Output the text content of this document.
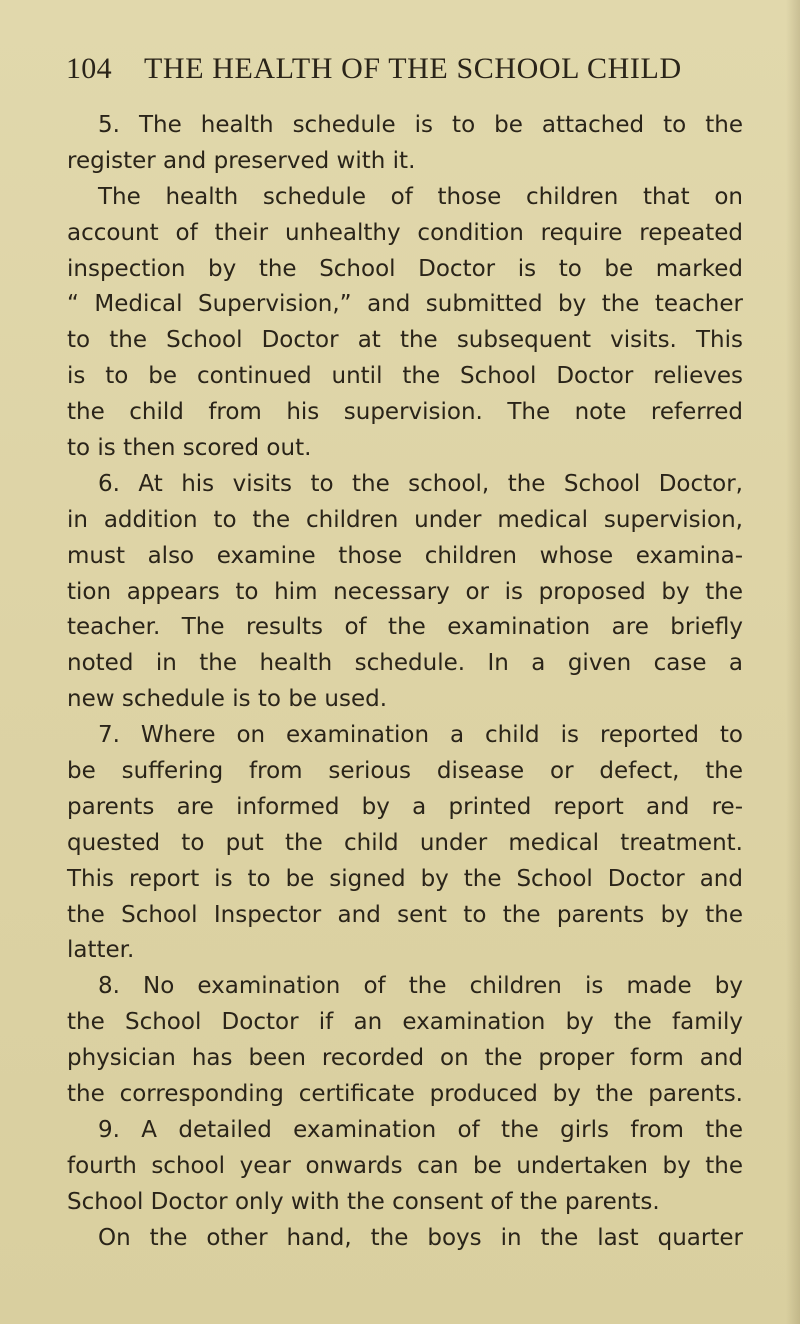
104 THE HEALTH OF THE SCHOOL CHILD
5. The health schedule is to be attached to the
register and preserved with it.
The health schedule of those children that on
account of their unhealthy condition require repeated
inspection by the School Doctor is to be marked
“ Medical Supervision,” and submitted by the teacher
to the School Doctor at the subsequent visits. This
is to be continued until the School Doctor relieves
the child from his supervision. The note referred
to is then scored out.
6. At his visits to the school, the School Doctor,
in addition to the children under medical supervision,
must also examine those children whose examina-
tion appears to him necessary or is proposed by the
teacher. The results of the examination are briefly
noted in the health schedule. In a given case a
new schedule is to be used.
7. Where on examination a child is reported to
be suffering from serious disease or defect, the
parents are informed by a printed report and re-
quested to put the child under medical treatment.
This report is to be signed by the School Doctor and
the School Inspector and sent to the parents by the
latter.
8. No examination of the children is made by
the School Doctor if an examination by the family
physician has been recorded on the proper form and
the corresponding certificate produced by the parents.
9. A detailed examination of the girls from the
fourth school year onwards can be undertaken by the
School Doctor only with the consent of the parents.
On the other hand, the boys in the last quarter
